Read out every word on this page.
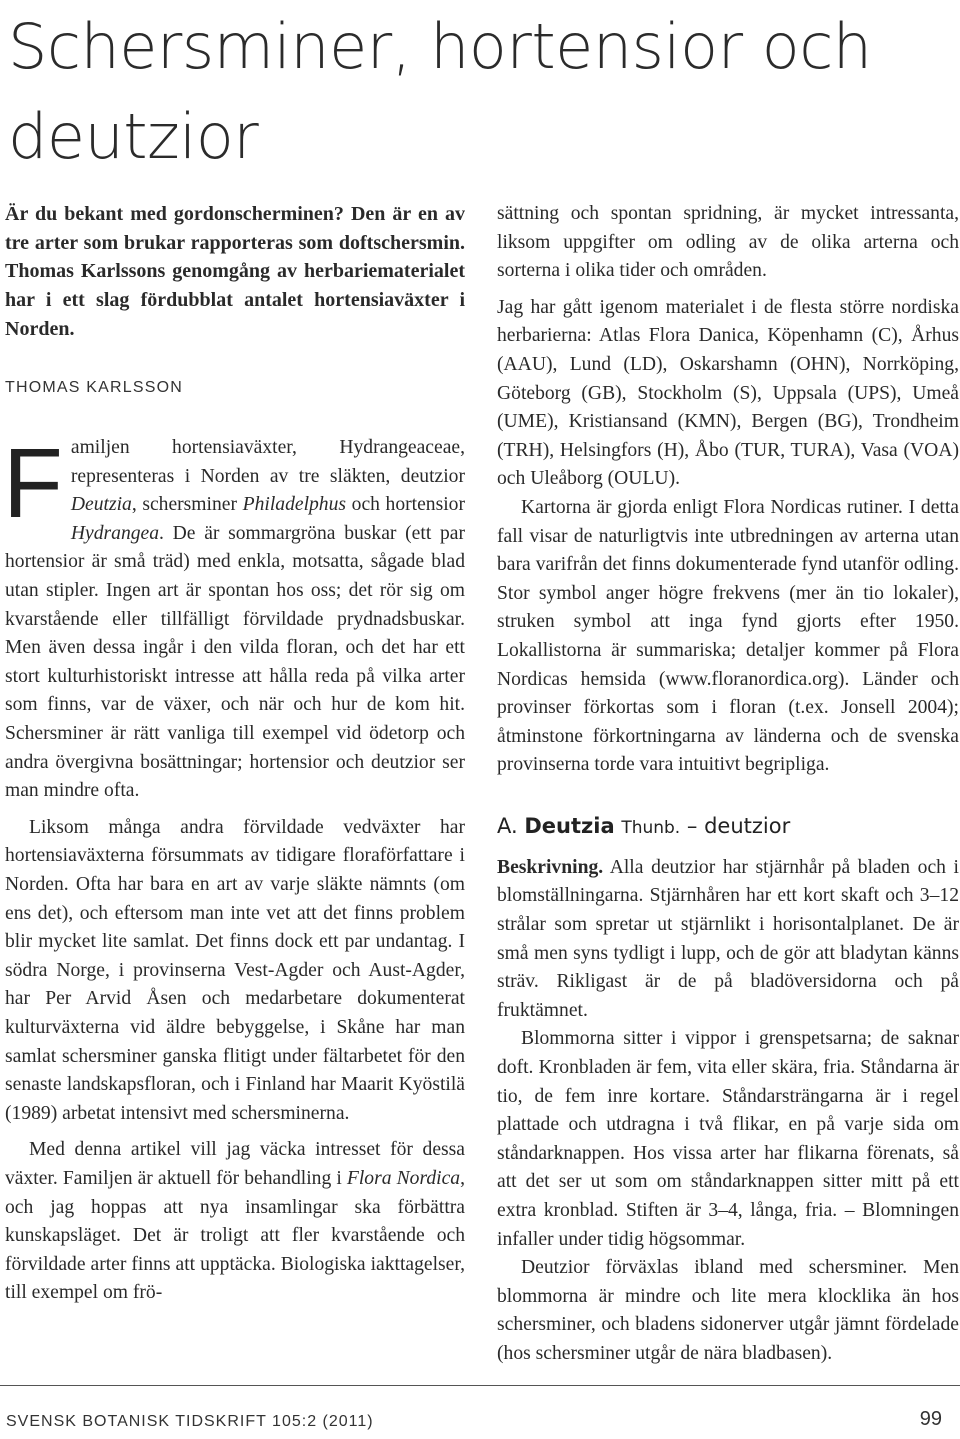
Schersminer, hortensior och deutzior

Är du bekant med gordonscherminen? Den är en av tre arter som brukar rapporteras som doftschersmin. Thomas Karlssons genomgång av herbariematerialet har i ett slag fördubblat antalet hortensiaväxter i Norden.

THOMAS KARLSSON

Familjen hortensiaväxter, Hydrangeaceae, representeras i Norden av tre släkten, deutzior Deutzia, schersminer Philadelphus och hortensior Hydrangea. De är sommargröna buskar (ett par hortensior är små träd) med enkla, motsatta, sågade blad utan stipler. Ingen art är spontan hos oss; det rör sig om kvarstående eller tillfälligt förvildade prydnadsbuskar. Men även dessa ingår i den vilda floran, och det har ett stort kulturhistoriskt intresse att hålla reda på vilka arter som finns, var de växer, och när och hur de kom hit. Schersminer är rätt vanliga till exempel vid ödetorp och andra övergivna bosättningar; hortensior och deutzior ser man mindre ofta.

Liksom många andra förvildade vedväxter har hortensiaväxterna försummats av tidigare floraförfattare i Norden. Ofta har bara en art av varje släkte nämnts (om ens det), och eftersom man inte vet att det finns problem blir mycket lite samlat. Det finns dock ett par undantag. I södra Norge, i provinserna Vest-Agder och Aust-Agder, har Per Arvid Åsen och medarbetare dokumenterat kulturväxterna vid äldre bebyggelse, i Skåne har man samlat schersminer ganska flitigt under fältarbetet för den senaste landskapsfloran, och i Finland har Maarit Kyöstilä (1989) arbetat intensivt med schersminerna.

Med denna artikel vill jag väcka intresset för dessa växter. Familjen är aktuell för behandling i Flora Nordica, och jag hoppas att nya insamlingar ska förbättra kunskapsläget. Det är troligt att fler kvarstående och förvildade arter finns att upptäcka. Biologiska iakttagelser, till exempel om frö-

sättning och spontan spridning, är mycket intressanta, liksom uppgifter om odling av de olika arterna och sorterna i olika tider och områden.

Jag har gått igenom materialet i de flesta större nordiska herbarierna: Atlas Flora Danica, Köpenhamn (C), Århus (AAU), Lund (LD), Oskarshamn (OHN), Norrköping, Göteborg (GB), Stockholm (S), Uppsala (UPS), Umeå (UME), Kristiansand (KMN), Bergen (BG), Trondheim (TRH), Helsingfors (H), Åbo (TUR, TURA), Vasa (VOA) och Uleåborg (OULU).

Kartorna är gjorda enligt Flora Nordicas rutiner. I detta fall visar de naturligtvis inte utbredningen av arterna utan bara varifrån det finns dokumenterade fynd utanför odling. Stor symbol anger högre frekvens (mer än tio lokaler), struken symbol att inga fynd gjorts efter 1950. Lokallistorna är summariska; detaljer kommer på Flora Nordicas hemsida (www.floranordica.org). Länder och provinser förkortas som i floran (t.ex. Jonsell 2004); åtminstone förkortningarna av länderna och de svenska provinserna torde vara intuitivt begripliga.

A. Deutzia Thunb. – deutzior

Beskrivning. Alla deutzior har stjärnhår på bladen och i blomställningarna. Stjärnhåren har ett kort skaft och 3–12 strålar som spretar ut stjärnlikt i horisontalplanet. De är små men syns tydligt i lupp, och de gör att bladytan känns sträv. Rikligast är de på bladöversidorna och på fruktämnet.

Blommorna sitter i vippor i grenspetsarna; de saknar doft. Kronbladen är fem, vita eller skära, fria. Ståndarna är tio, de fem inre kortare. Ståndarsträngarna är i regel plattade och utdragna i två flikar, en på varje sida om ståndarknappen. Hos vissa arter har flikarna förenats, så att det ser ut som om ståndarknappen sitter mitt på ett extra kronblad. Stiften är 3–4, långa, fria. – Blomningen infaller under tidig högsommar.

Deutzior förväxlas ibland med schersminer. Men blommorna är mindre och lite mera klocklika än hos schersminer, och bladens sidonerver utgår jämnt fördelade (hos schersminer utgår de nära bladbasen).

SVENSK BOTANISK TIDSKRIFT 105:2 (2011)	99
